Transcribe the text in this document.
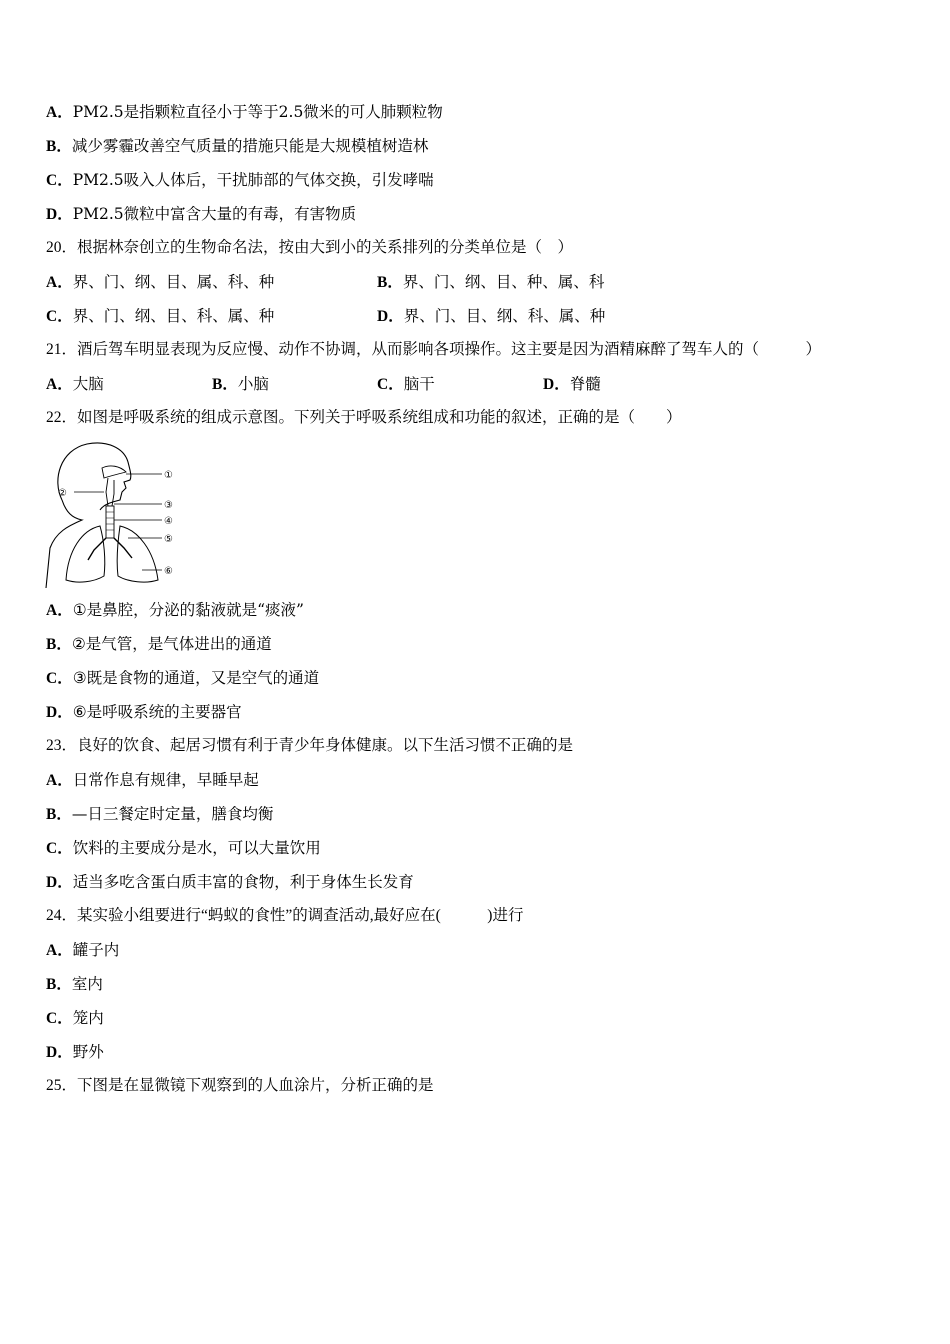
A．PM2.5是指颗粒直径小于等于2.5微米的可人肺颗粒物
B．减少雾霾改善空气质量的措施只能是大规模植树造林
C．PM2.5吸入人体后，干扰肺部的气体交换，引发哮喘
D．PM2.5微粒中富含大量的有毒，有害物质
20．根据林奈创立的生物命名法，按由大到小的关系排列的分类单位是（　）
A．界、门、纲、目、属、科、种	B．界、门、纲、目、种、属、科
C．界、门、纲、目、科、属、种	D．界、门、目、纲、科、属、种
21．酒后驾车明显表现为反应慢、动作不协调，从而影响各项操作。这主要是因为酒精麻醉了驾车人的（　　　）
A．大脑	B．小脑	C．脑干	D．脊髓
22．如图是呼吸系统的组成示意图。下列关于呼吸系统组成和功能的叙述，正确的是（　　）
①
②
③
④
⑤
⑥
A．①是鼻腔，分泌的黏液就是“痰液”
B．②是气管，是气体进出的通道
C．③既是食物的通道，又是空气的通道
D．⑥是呼吸系统的主要器官
23．良好的饮食、起居习惯有利于青少年身体健康。以下生活习惯不正确的是
A．日常作息有规律，早睡早起
B．—日三餐定时定量，膳食均衡
C．饮料的主要成分是水，可以大量饮用
D．适当多吃含蛋白质丰富的食物，利于身体生长发育
24．某实验小组要进行“蚂蚁的食性”的调查活动,最好应在(　　　)进行
A．罐子内
B．室内
C．笼内
D．野外
25．下图是在显微镜下观察到的人血涂片，分析正确的是
